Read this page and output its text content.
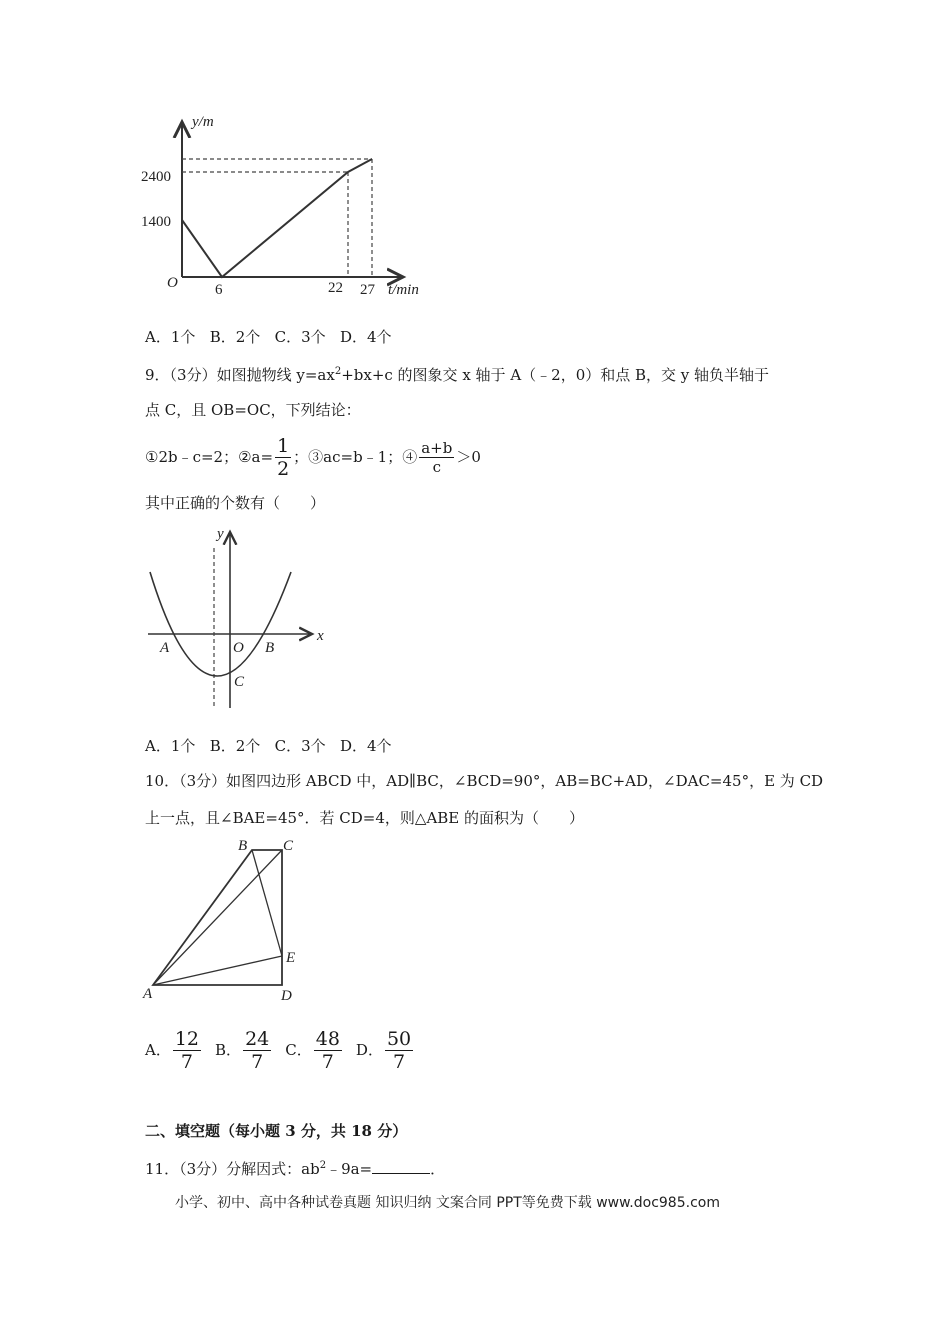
y/m
2400
1400
O 6	22 27 t/min
A．1个 B．2个 C．3个 D．4个
9．（3分）如图抛物线 $y=ax^2+bx+c$ 的图象交 x 轴于 A（﹣2，0）和点 B，交 y 轴负半轴于
点 C，且 OB=OC，下列结论：
①2b﹣c=2；②a= $\frac{1}{2}$ ；③ac=b﹣1；④ $\frac{a+b}{c} >0$
其中正确的个数有（　　）
y
x
A	O B
C
A．1个 B．2个 C．3个 D．4个
10．（3分）如图四边形 ABCD 中，AD∥BC，∠BCD=90°，AB=BC+AD，∠DAC=45°，E 为 CD
上一点，且∠BAE=45°．若 CD=4，则△ABE 的面积为（　　）
B C
E
A	D
A． $\frac{12}{7}$ B． $\frac{24}{7}$ C． $\frac{48}{7}$ D． $\frac{50}{7}$
二、填空题（每小题 3 分，共 18 分）
11．（3分）分解因式：$ab^2﹣9a=$	．
小学、初中、高中各种试卷真题 知识归纳 文案合同 PPT等免费下载 www.doc985.com
